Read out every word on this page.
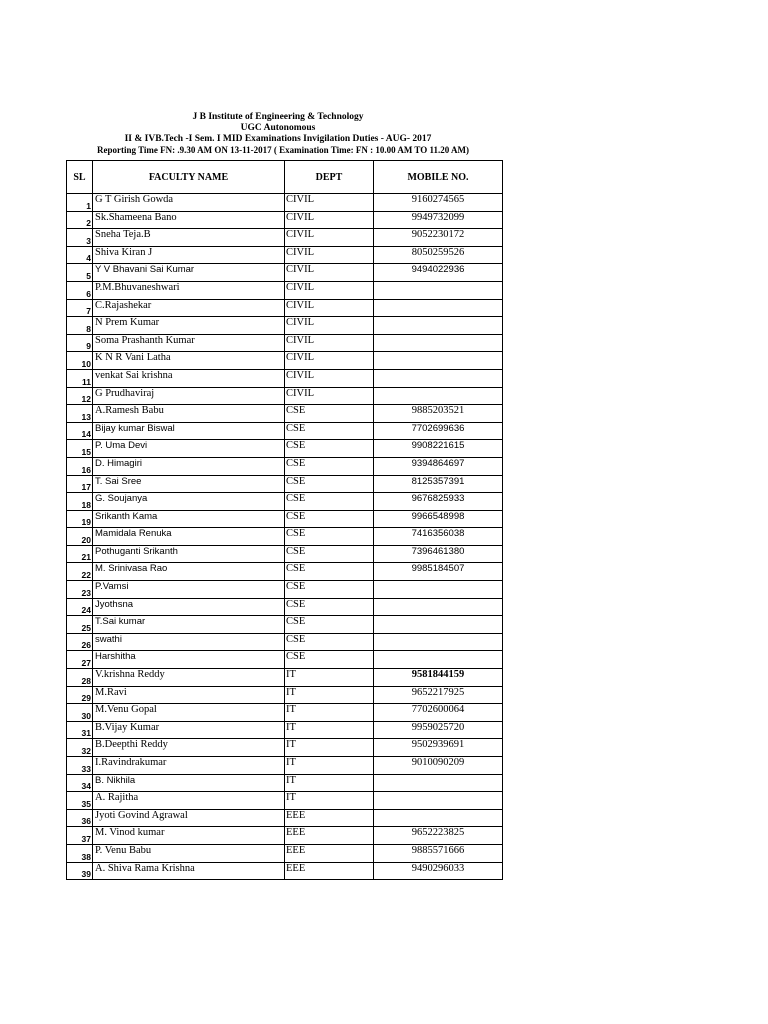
J B Institute of Engineering & Technology
UGC Autonomous
II & IVB.Tech -I Sem. I MID Examinations Invigilation Duties - AUG- 2017
Reporting Time FN: .9.30 AM ON 13-11-2017 ( Examination Time: FN : 10.00 AM TO 11.20 AM)
SL	FACULTY NAME	DEPT	MOBILE NO.
1	G T Girish Gowda	CIVIL	9160274565
2	Sk.Shameena Bano	CIVIL	9949732099
3	Sneha Teja.B	CIVIL	9052230172
4	Shiva Kiran J	CIVIL	8050259526
5	Y V Bhavani Sai Kumar	CIVIL	9494022936
6	P.M.Bhuvaneshwari	CIVIL	
7	C.Rajashekar	CIVIL	
8	N Prem Kumar	CIVIL	
9	Soma Prashanth Kumar	CIVIL	
10	K N R Vani Latha	CIVIL	
11	venkat Sai krishna	CIVIL	
12	G Prudhaviraj	CIVIL	
13	A.Ramesh Babu	CSE	9885203521
14	Bijay kumar Biswal	CSE	7702699636
15	P. Uma Devi	CSE	9908221615
16	D. Himagiri	CSE	9394864697
17	T. Sai Sree	CSE	8125357391
18	G. Soujanya	CSE	9676825933
19	Srikanth Kama	CSE	9966548998
20	Mamidala Renuka	CSE	7416356038
21	Pothuganti Srikanth	CSE	7396461380
22	M. Srinivasa Rao	CSE	9985184507
23	P.Vamsi	CSE	
24	Jyothsna	CSE	
25	T.Sai kumar	CSE	
26	swathi	CSE	
27	Harshitha	CSE	
28	V.krishna Reddy	IT	9581844159
29	M.Ravi	IT	9652217925
30	M.Venu Gopal	IT	7702600064
31	B.Vijay Kumar	IT	9959025720
32	B.Deepthi Reddy	IT	9502939691
33	I.Ravindrakumar	IT	9010090209
34	B. Nikhila	IT	
35	A. Rajitha	IT	
36	Jyoti Govind Agrawal	EEE	
37	M. Vinod kumar	EEE	9652223825
38	P. Venu Babu	EEE	9885571666
39	A. Shiva Rama Krishna	EEE	9490296033
